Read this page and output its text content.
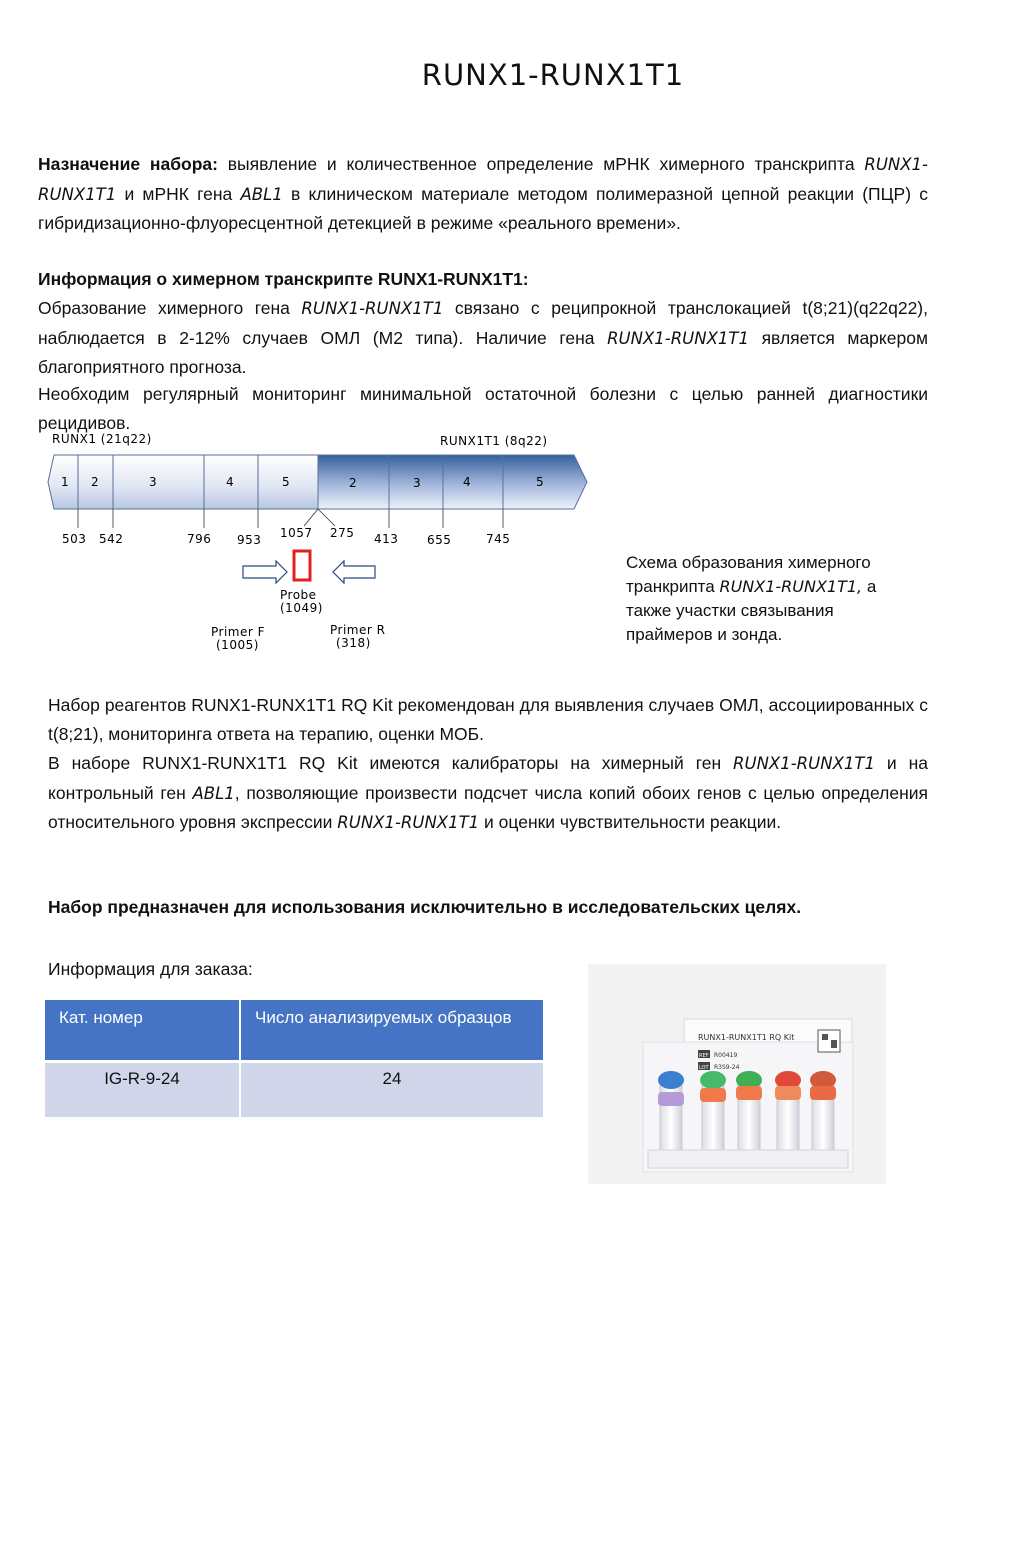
RUNX1-RUNX1T1
Назначение набора: выявление и количественное определение мРНК химерного транскрипта RUNX1-RUNX1T1 и мРНК гена ABL1 в клиническом материале методом полимеразной цепной реакции (ПЦР) с гибридизационно-флуоресцентной детекцией в режиме «реального времени».
Информация о химерном транскрипте RUNX1-RUNX1T1:
Образование химерного гена RUNX1-RUNX1T1 связано с реципрокной транслокацией t(8;21)(q22q22), наблюдается в 2-12% случаев ОМЛ (М2 типа). Наличие гена RUNX1-RUNX1T1 является маркером благоприятного прогноза.
Необходим регулярный мониторинг минимальной остаточной болезни с целью ранней диагностики рецидивов.
RUNX1 (21q22)	RUNX1T1 (8q22)
1 2	3	4	5	2	3	4	5
503 542	796 953 1057 275 413 655	745
Probe
(1049)
Primer F
(1005)
Primer R
(318)
Схема образования химерного транкрипта RUNX1-RUNX1T1, а также участки связывания праймеров и зонда.
Набор реагентов RUNX1-RUNX1T1 RQ Kit рекомендован для выявления случаев ОМЛ, ассоциированных с t(8;21), мониторинга ответа на терапию, оценки МОБ.
В наборе RUNX1-RUNX1T1 RQ Kit имеются калибраторы на химерный ген RUNX1-RUNX1T1 и на контрольный ген ABL1, позволяющие произвести подсчет числа копий обоих генов с целью определения относительного уровня экспрессии RUNX1-RUNX1T1 и оценки чувствительности реакции.
Набор предназначен для использования исключительно в исследовательских целях.
Информация для заказа:
Кат. номер	Число анализируемых образцов
IG-R-9-24	24
RUNX1-RUNX1T1 RQ Kit
REF R00419
LOT R3S9-24
